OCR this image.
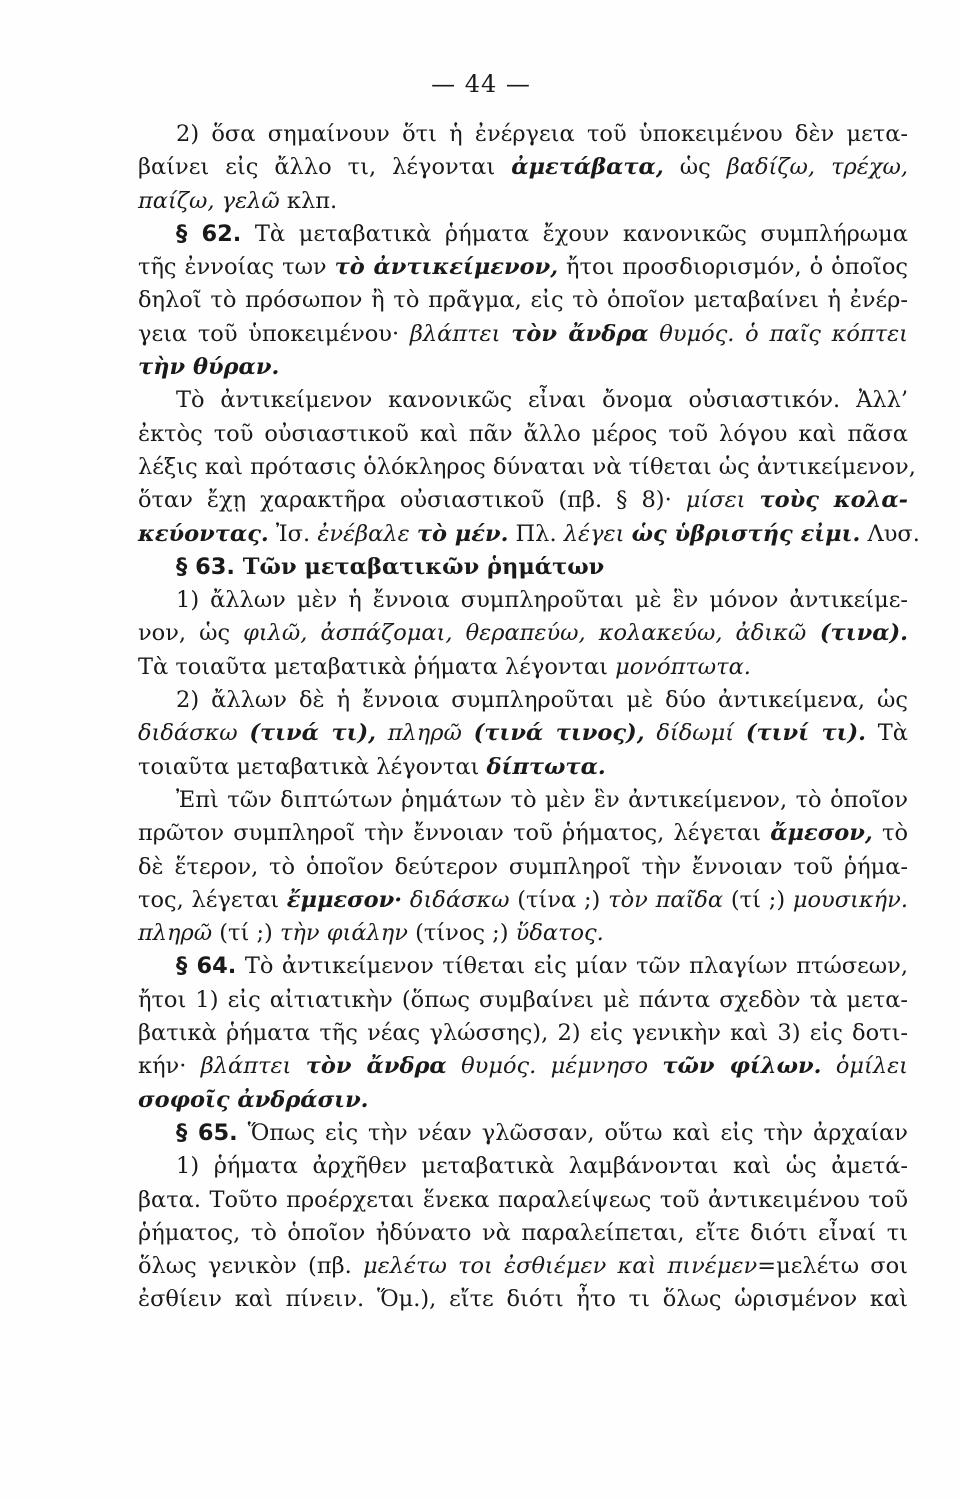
— 44 —
2) ὅσα σημαίνουν ὅτι ἡ ἐνέργεια τοῦ ὑποκειμένου δὲν μετα-
βαίνει εἰς ἄλλο τι, λέγονται ἀμετάβατα, ὡς βαδίζω, τρέχω,
παίζω, γελῶ κλπ.
§ 62. Τὰ μεταβατικὰ ῥήματα ἔχουν κανονικῶς συμπλήρωμα
τῆς ἐννοίας των τὸ ἀντικείμενον, ἤτοι προσδιορισμόν, ὁ ὁποῖος
δηλοῖ τὸ πρόσωπον ἢ τὸ πρᾶγμα, εἰς τὸ ὁποῖον μεταβαίνει ἡ ἐνέρ-
γεια τοῦ ὑποκειμένου· βλάπτει τὸν ἄνδρα θυμός. ὁ παῖς κόπτει
τὴν θύραν.
Τὸ ἀντικείμενον κανονικῶς εἶναι ὄνομα οὐσιαστικόν. Ἀλλ’
ἐκτὸς τοῦ οὐσιαστικοῦ καὶ πᾶν ἄλλο μέρος τοῦ λόγου καὶ πᾶσα
λέξις καὶ πρότασις ὁλόκληρος δύναται νὰ τίθεται ὡς ἀντικείμενον,
ὅταν ἔχῃ χαρακτῆρα οὐσιαστικοῦ (πβ. § 8)· μίσει τοὺς κολα-
κεύοντας. Ἰσ. ἐνέβαλε τὸ μέν. Πλ. λέγει ὡς ὑβριστής εἰμι. Λυσ.
§ 63. Τῶν μεταβατικῶν ῥημάτων
1) ἄλλων μὲν ἡ ἔννοια συμπληροῦται μὲ ἓν μόνον ἀντικείμε-
νον, ὡς φιλῶ, ἀσπάζομαι, θεραπεύω, κολακεύω, ἀδικῶ (τινα).
Τὰ τοιαῦτα μεταβατικὰ ῥήματα λέγονται μονόπτωτα.
2) ἄλλων δὲ ἡ ἔννοια συμπληροῦται μὲ δύο ἀντικείμενα, ὡς
διδάσκω (τινά τι), πληρῶ (τινά τινος), δίδωμί (τινί τι). Τὰ
τοιαῦτα μεταβατικὰ λέγονται δίπτωτα.
Ἐπὶ τῶν διπτώτων ῥημάτων τὸ μὲν ἓν ἀντικείμενον, τὸ ὁποῖον
πρῶτον συμπληροῖ τὴν ἔννοιαν τοῦ ῥήματος, λέγεται ἄμεσον, τὸ
δὲ ἕτερον, τὸ ὁποῖον δεύτερον συμπληροῖ τὴν ἔννοιαν τοῦ ῥήμα-
τος, λέγεται ἔμμεσον· διδάσκω (τίνα ;) τὸν παῖδα (τί ;) μουσικήν.
πληρῶ (τί ;) τὴν φιάλην (τίνος ;) ὕδατος.
§ 64. Τὸ ἀντικείμενον τίθεται εἰς μίαν τῶν πλαγίων πτώσεων,
ἤτοι 1) εἰς αἰτιατικὴν (ὅπως συμβαίνει μὲ πάντα σχεδὸν τὰ μετα-
βατικὰ ῥήματα τῆς νέας γλώσσης), 2) εἰς γενικὴν καὶ 3) εἰς δοτι-
κήν· βλάπτει τὸν ἄνδρα θυμός. μέμνησο τῶν φίλων. ὁμίλει
σοφοῖς ἀνδράσιν.
§ 65. Ὅπως εἰς τὴν νέαν γλῶσσαν, οὕτω καὶ εἰς τὴν ἀρχαίαν
1) ῥήματα ἀρχῆθεν μεταβατικὰ λαμβάνονται καὶ ὡς ἀμετά-
βατα. Τοῦτο προέρχεται ἕνεκα παραλείψεως τοῦ ἀντικειμένου τοῦ
ῥήματος, τὸ ὁποῖον ἠδύνατο νὰ παραλείπεται, εἴτε διότι εἶναί τι
ὅλως γενικὸν (πβ. μελέτω τοι ἐσθιέμεν καὶ πινέμεν=μελέτω σοι
ἐσθίειν καὶ πίνειν. Ὅμ.), εἴτε διότι ἦτο τι ὅλως ὡρισμένον καὶ
